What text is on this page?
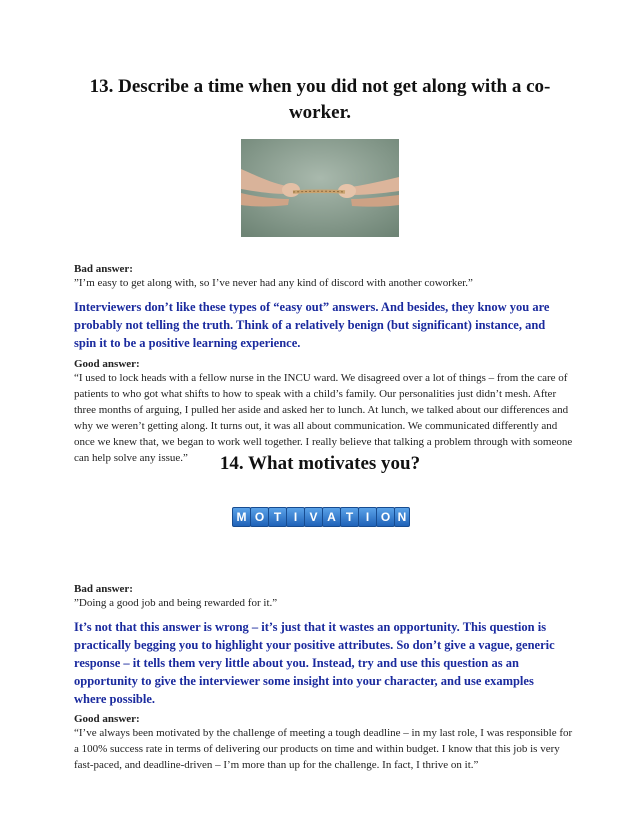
13. Describe a time when you did not get along with a co-worker.
Bad answer:
”I’m easy to get along with, so I’ve never had any kind of discord with another coworker.”
Interviewers don’t like these types of “easy out” answers. And besides, they know you are
probably not telling the truth. Think of a relatively benign (but significant) instance, and
spin it to be a positive learning experience.
Good answer:
“I used to lock heads with a fellow nurse in the INCU ward. We disagreed over a lot of things – from the care of patients to who got what shifts to how to speak with a child’s family. Our personalities just didn’t mesh. After three months of arguing, I pulled her aside and asked her to lunch. At lunch, we talked about our differences and why we weren’t getting along. It turns out, it was all about communication. We communicated differently and once we knew that, we began to work well together. I really believe that talking a problem through with someone can help solve any issue.”	14. What motivates you?
M O T	I	V A T	I O N
Bad answer:
”Doing a good job and being rewarded for it.”
It’s not that this answer is wrong – it’s just that it wastes an opportunity. This question is
practically begging you to highlight your positive attributes. So don’t give a vague, generic
response – it tells them very little about you. Instead, try and use this question as an
opportunity to give the interviewer some insight into your character, and use examples
where possible.
Good answer:
“I’ve always been motivated by the challenge of meeting a tough deadline – in my last role, I was responsible for a 100% success rate in terms of delivering our products on time and within budget. I know that this job is very fast-paced, and deadline-driven – I’m more than up for the challenge. In fact, I thrive on it.”
